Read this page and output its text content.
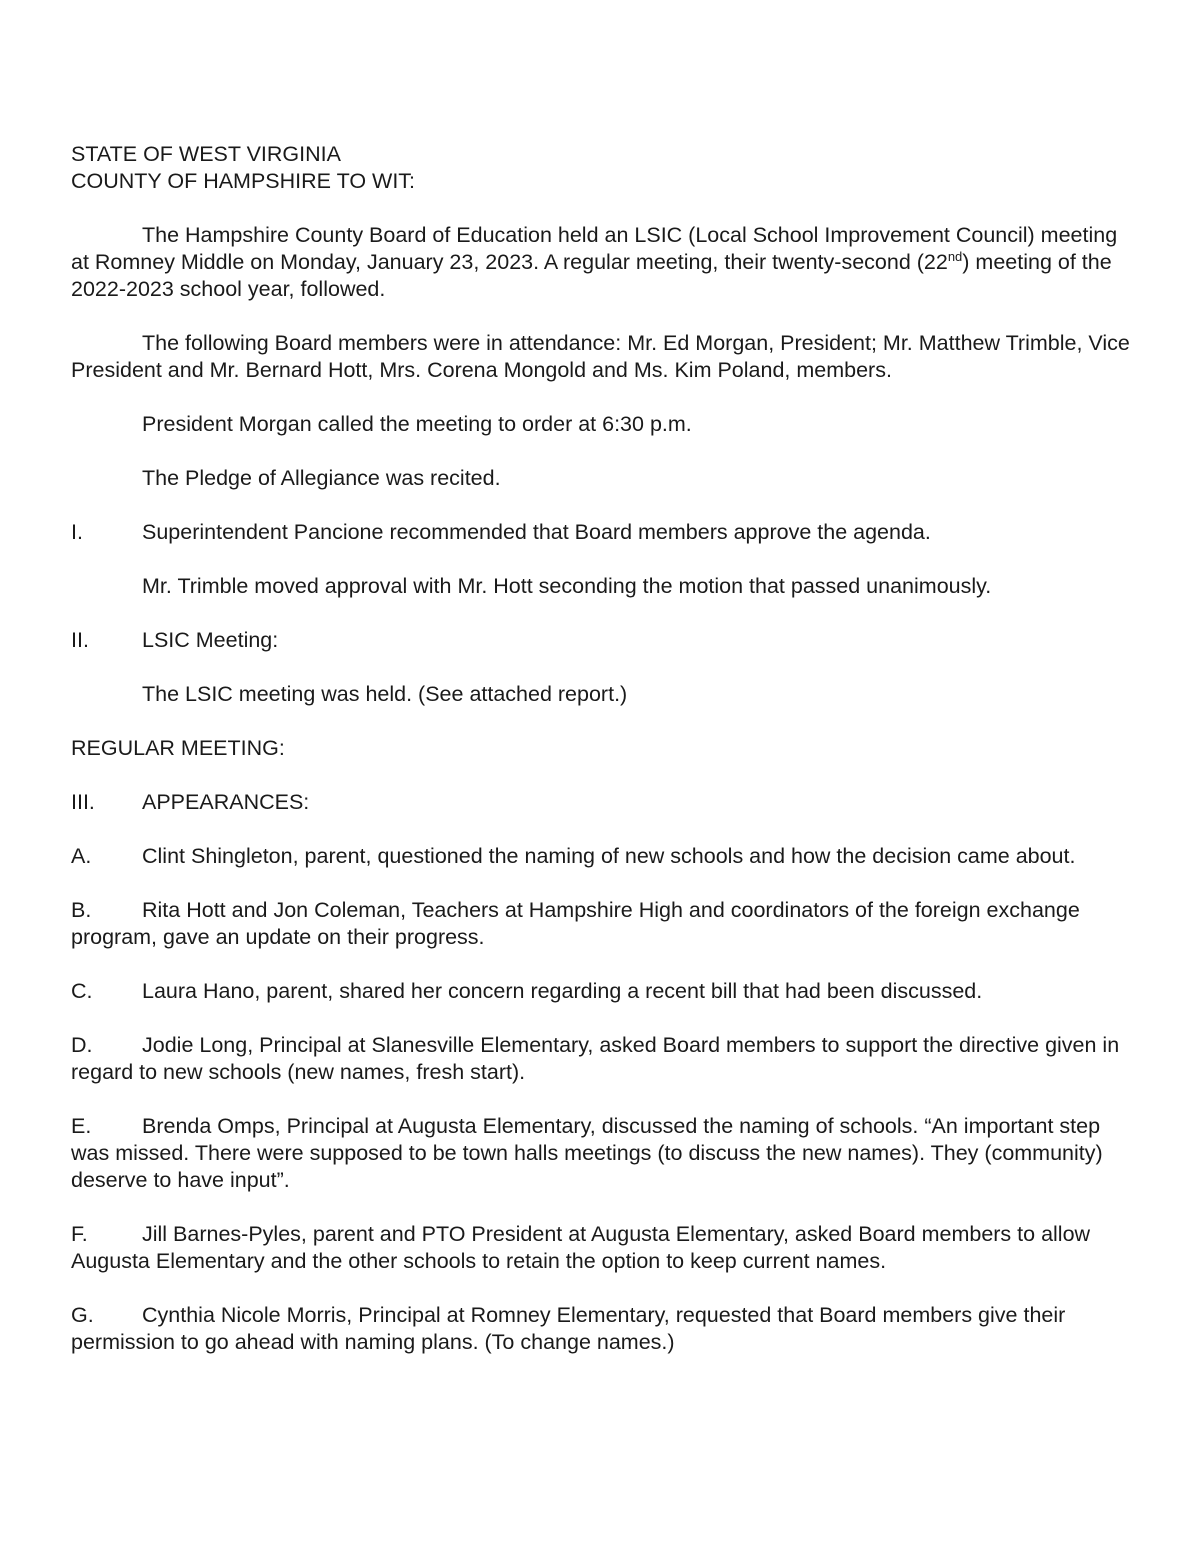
STATE OF WEST VIRGINIA
COUNTY OF HAMPSHIRE TO WIT:

The Hampshire County Board of Education held an LSIC (Local School Improvement Council) meeting at Romney Middle on Monday, January 23, 2023. A regular meeting, their twenty-second (22nd) meeting of the 2022-2023 school year, followed.

The following Board members were in attendance: Mr. Ed Morgan, President; Mr. Matthew Trimble, Vice President and Mr. Bernard Hott, Mrs. Corena Mongold and Ms. Kim Poland, members.

President Morgan called the meeting to order at 6:30 p.m.

The Pledge of Allegiance was recited.

I.	Superintendent Pancione recommended that Board members approve the agenda.

Mr. Trimble moved approval with Mr. Hott seconding the motion that passed unanimously.

II. LSIC Meeting:

The LSIC meeting was held. (See attached report.)

REGULAR MEETING:

III. APPEARANCES:
A. Clint Shingleton, parent, questioned the naming of new schools and how the decision came about.
B. Rita Hott and Jon Coleman, Teachers at Hampshire High and coordinators of the foreign exchange program, gave an update on their progress.
C. Laura Hano, parent, shared her concern regarding a recent bill that had been discussed.
D. Jodie Long, Principal at Slanesville Elementary, asked Board members to support the directive given in regard to new schools (new names, fresh start).
E. Brenda Omps, Principal at Augusta Elementary, discussed the naming of schools. “An important step was missed. There were supposed to be town halls meetings (to discuss the new names). They (community) deserve to have input”.
F.	Jill Barnes-Pyles, parent and PTO President at Augusta Elementary, asked Board members to allow Augusta Elementary and the other schools to retain the option to keep current names.
G. Cynthia Nicole Morris, Principal at Romney Elementary, requested that Board members give their permission to go ahead with naming plans. (To change names.)
